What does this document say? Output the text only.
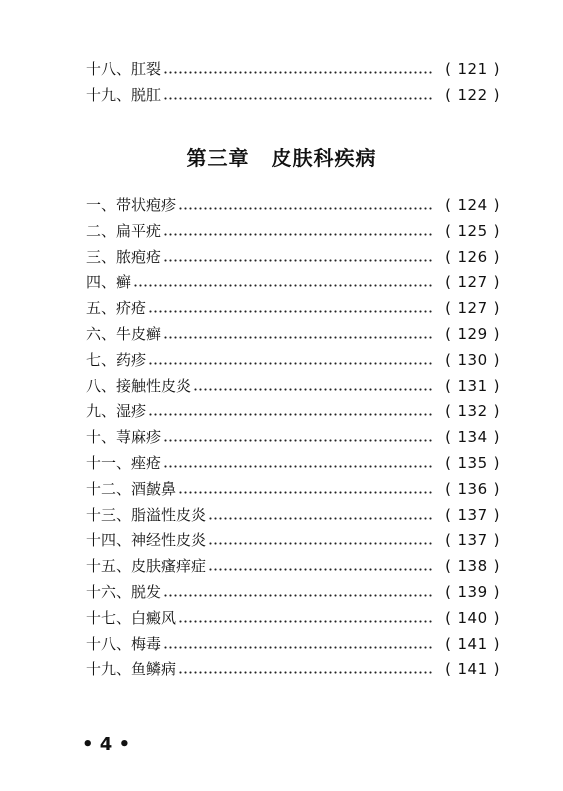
十八、肛裂	( 121 )
十九、脱肛	( 122 )
第三章 皮肤科疾病
一、带状疱疹	( 124 )
二、扁平疣	( 125 )
三、脓疱疮	( 126 )
四、癣	( 127 )
五、疥疮	( 127 )
六、牛皮癣	( 129 )
七、药疹	( 130 )
八、接触性皮炎	( 131 )
九、湿疹	( 132 )
十、荨麻疹	( 134 )
十一、痤疮	( 135 )
十二、酒皶鼻	( 136 )
十三、脂溢性皮炎	( 137 )
十四、神经性皮炎	( 137 )
十五、皮肤瘙痒症	( 138 )
十六、脱发	( 139 )
十七、白癜风	( 140 )
十八、梅毒	( 141 )
十九、鱼鳞病	( 141 )
• 4 •
